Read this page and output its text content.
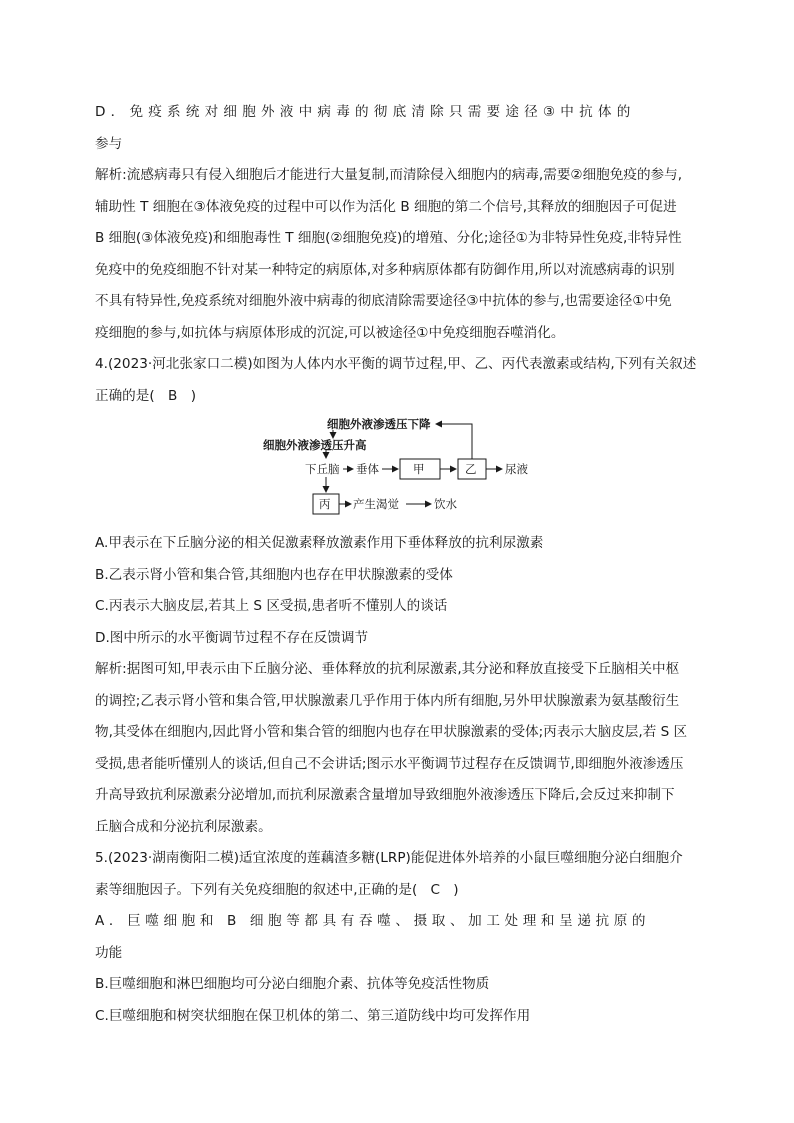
D．免疫系统对细胞外液中病毒的彻底清除只需要途径③中抗体的
参与
解析:流感病毒只有侵入细胞后才能进行大量复制,而清除侵入细胞内的病毒,需要②细胞免疫的参与,
辅助性 T 细胞在③体液免疫的过程中可以作为活化 B 细胞的第二个信号,其释放的细胞因子可促进
B 细胞(③体液免疫)和细胞毒性 T 细胞(②细胞免疫)的增殖、分化;途径①为非特异性免疫,非特异性
免疫中的免疫细胞不针对某一种特定的病原体,对多种病原体都有防御作用,所以对流感病毒的识别
不具有特异性,免疫系统对细胞外液中病毒的彻底清除需要途径③中抗体的参与,也需要途径①中免
疫细胞的参与,如抗体与病原体形成的沉淀,可以被途径①中免疫细胞吞噬消化。

4.(2023·河北张家口二模)如图为人体内水平衡的调节过程,甲、乙、丙代表激素或结构,下列有关叙述
正确的是( B )

细胞外液渗透压下降
细胞外液渗透压升高
下丘脑 垂体	甲	乙 尿液
丙 产生渴觉	饮水

A.甲表示在下丘脑分泌的相关促激素释放激素作用下垂体释放的抗利尿激素
B.乙表示肾小管和集合管,其细胞内也存在甲状腺激素的受体
C.丙表示大脑皮层,若其上 S 区受损,患者听不懂别人的谈话
D.图中所示的水平衡调节过程不存在反馈调节
解析:据图可知,甲表示由下丘脑分泌、垂体释放的抗利尿激素,其分泌和释放直接受下丘脑相关中枢
的调控;乙表示肾小管和集合管,甲状腺激素几乎作用于体内所有细胞,另外甲状腺激素为氨基酸衍生
物,其受体在细胞内,因此肾小管和集合管的细胞内也存在甲状腺激素的受体;丙表示大脑皮层,若 S 区
受损,患者能听懂别人的谈话,但自己不会讲话;图示水平衡调节过程存在反馈调节,即细胞外液渗透压
升高导致抗利尿激素分泌增加,而抗利尿激素含量增加导致细胞外液渗透压下降后,会反过来抑制下
丘脑合成和分泌抗利尿激素。

5.(2023·湖南衡阳二模)适宜浓度的莲藕渣多糖(LRP)能促进体外培养的小鼠巨噬细胞分泌白细胞介
素等细胞因子。下列有关免疫细胞的叙述中,正确的是( C )
A．巨噬细胞和 B 细胞等都具有吞噬、摄取、加工处理和呈递抗原的
功能
B.巨噬细胞和淋巴细胞均可分泌白细胞介素、抗体等免疫活性物质
C.巨噬细胞和树突状细胞在保卫机体的第二、第三道防线中均可发挥作用
